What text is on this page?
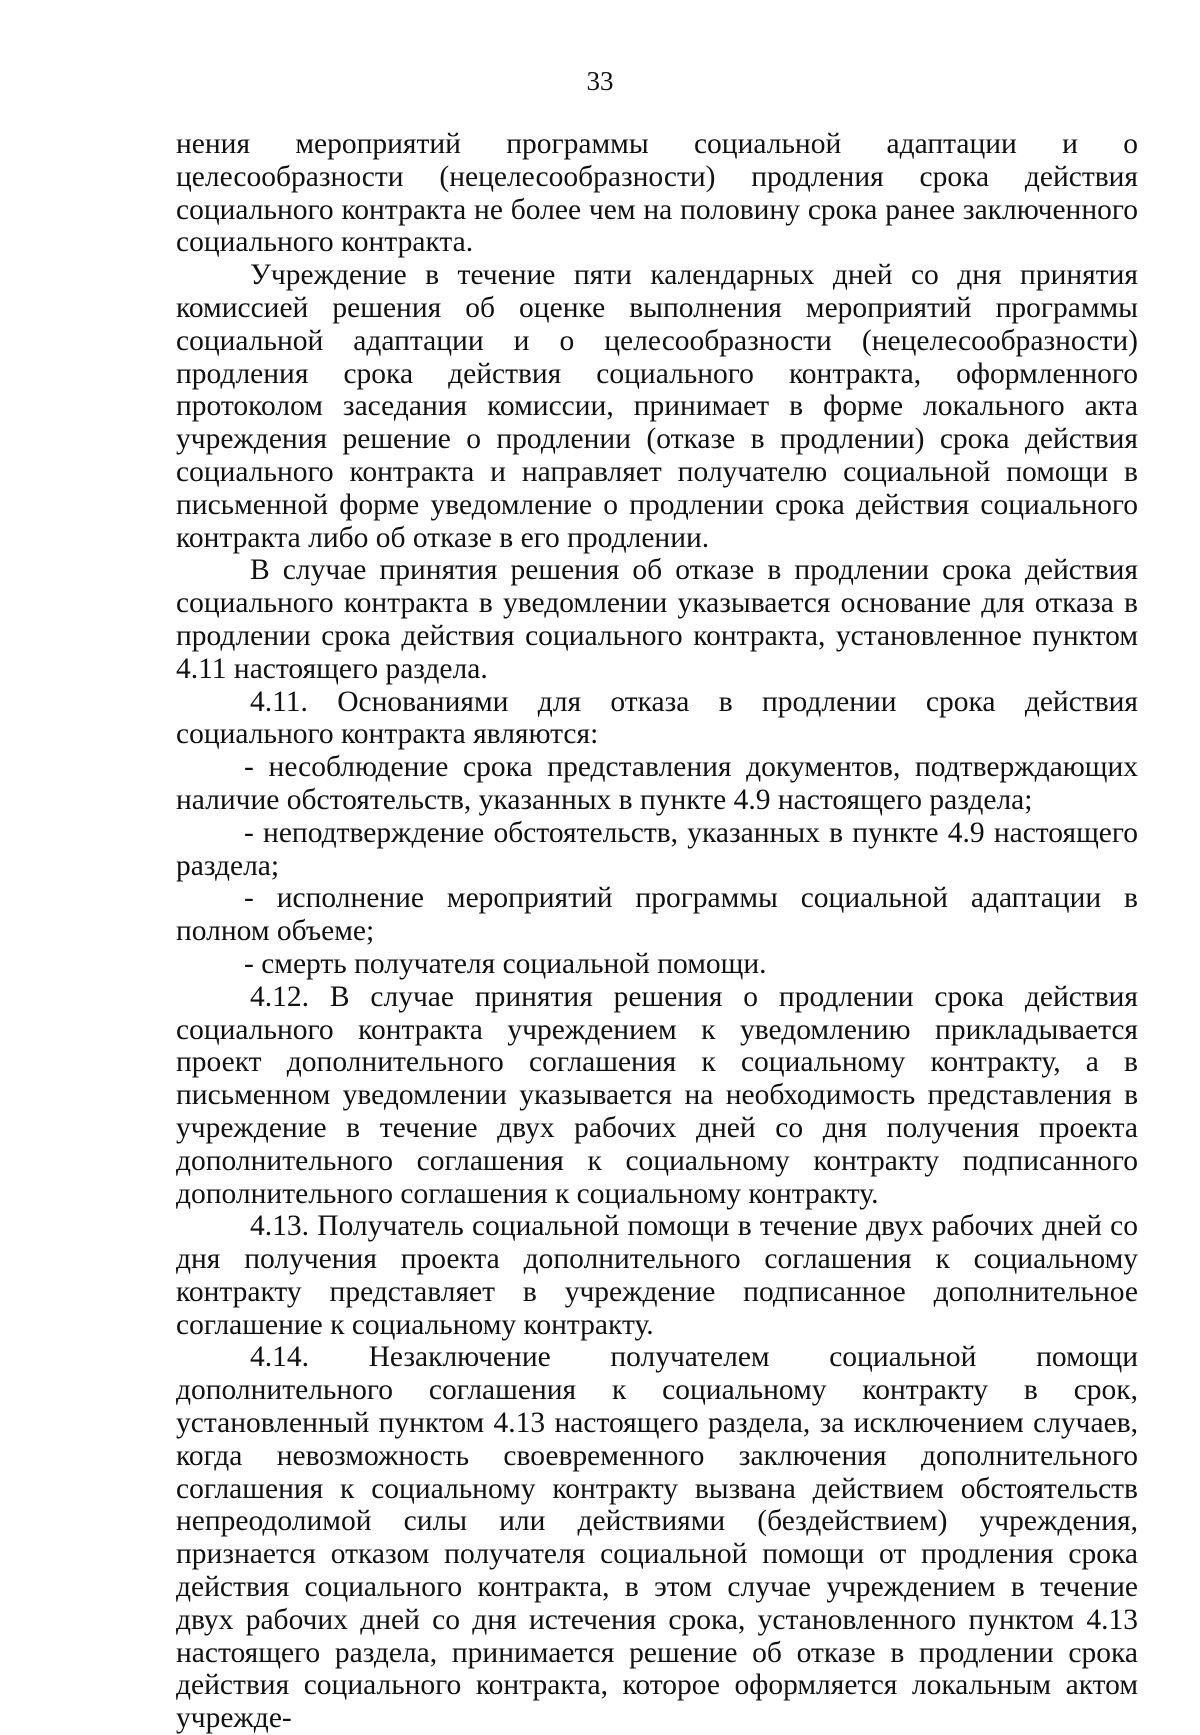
33

нения мероприятий программы социальной адаптации и о целесообразности (нецелесообразности) продления срока действия социального контракта не более чем на половину срока ранее заключенного социального контракта.

Учреждение в течение пяти календарных дней со дня принятия комиссией решения об оценке выполнения мероприятий программы социальной адаптации и о целесообразности (нецелесообразности) продления срока действия социального контракта, оформленного протоколом заседания комиссии, принимает в форме локального акта учреждения решение о продлении (отказе в продлении) срока действия социального контракта и направляет получателю социальной помощи в письменной форме уведомление о продлении срока действия социального контракта либо об отказе в его продлении.

В случае принятия решения об отказе в продлении срока действия социального контракта в уведомлении указывается основание для отказа в продлении срока действия социального контракта, установленное пунктом 4.11 настоящего раздела.

4.11. Основаниями для отказа в продлении срока действия социального контракта являются:

- несоблюдение срока представления документов, подтверждающих наличие обстоятельств, указанных в пункте 4.9 настоящего раздела;

- неподтверждение обстоятельств, указанных в пункте 4.9 настоящего раздела;

- исполнение мероприятий программы социальной адаптации в полном объеме;

- смерть получателя социальной помощи.

4.12. В случае принятия решения о продлении срока действия социального контракта учреждением к уведомлению прикладывается проект дополнительного соглашения к социальному контракту, а в письменном уведомлении указывается на необходимость представления в учреждение в течение двух рабочих дней со дня получения проекта дополнительного соглашения к социальному контракту подписанного дополнительного соглашения к социальному контракту.

4.13. Получатель социальной помощи в течение двух рабочих дней со дня получения проекта дополнительного соглашения к социальному контракту представляет в учреждение подписанное дополнительное соглашение к социальному контракту.

4.14. Незаключение получателем социальной помощи дополнительного соглашения к социальному контракту в срок, установленный пунктом 4.13 настоящего раздела, за исключением случаев, когда невозможность своевременного заключения дополнительного соглашения к социальному контракту вызвана действием обстоятельств непреодолимой силы или действиями (бездействием) учреждения, признается отказом получателя социальной помощи от продления срока действия социального контракта, в этом случае учреждением в течение двух рабочих дней со дня истечения срока, установленного пунктом 4.13 настоящего раздела, принимается решение об отказе в продлении срока действия социального контракта, которое оформляется локальным актом учрежде-
